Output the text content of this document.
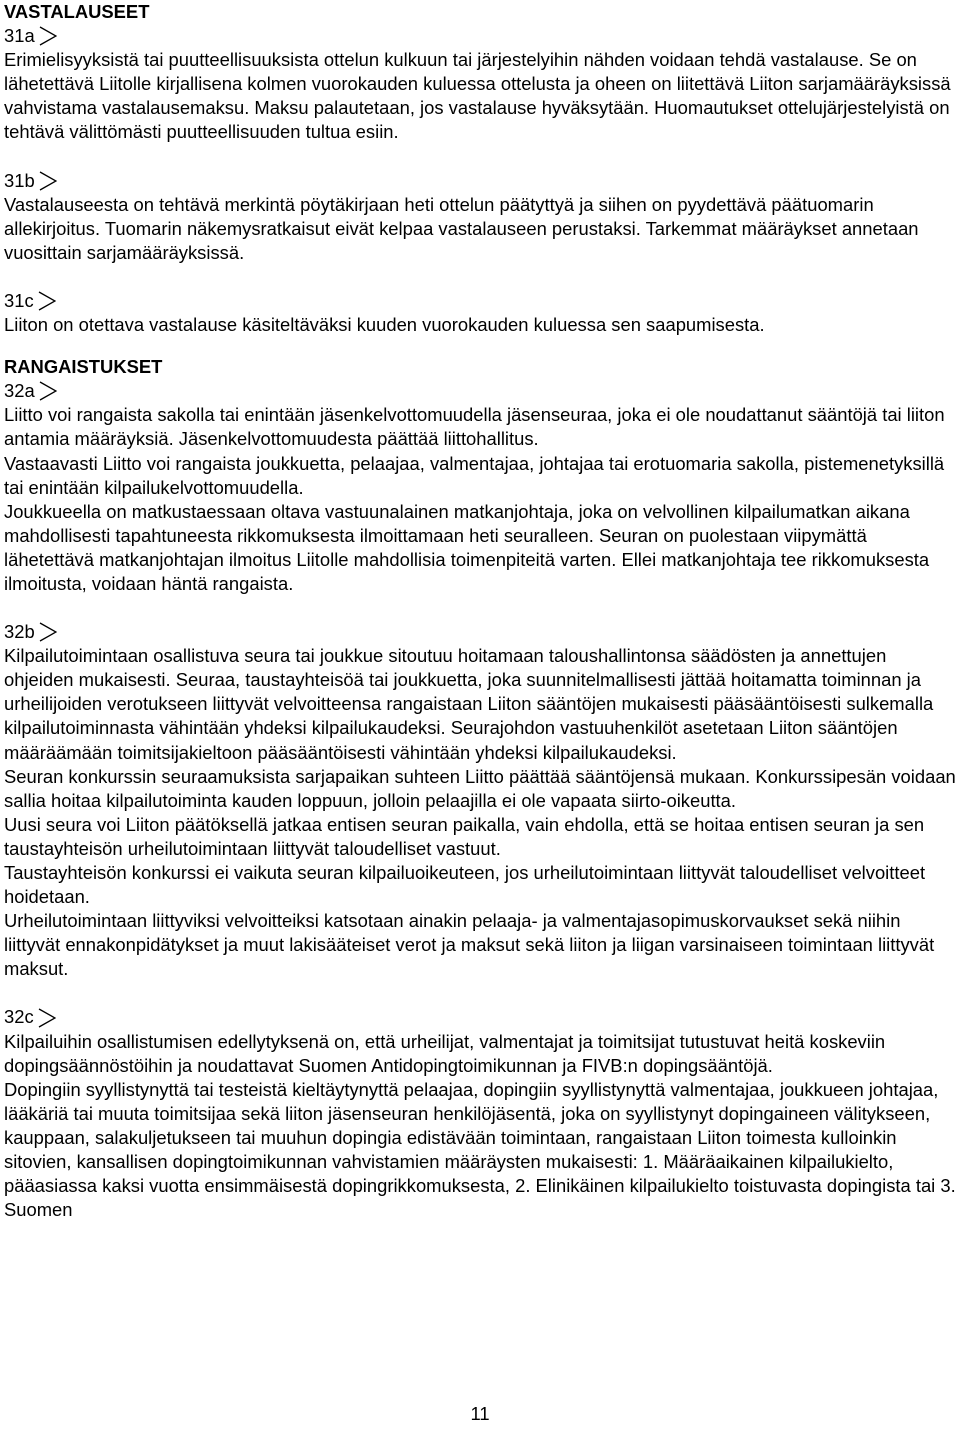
VASTALAUSEET

31a

Erimielisyyksistä tai puutteellisuuksista ottelun kulkuun tai järjestelyihin nähden voidaan tehdä vastalause. Se on lähetettävä Liitolle kirjallisena kolmen vuorokauden kuluessa ottelusta ja oheen on liitettävä Liiton sarjamääräyksissä vahvistama vastalausemaksu. Maksu palautetaan, jos vastalause hyväksytään. Huomautukset ottelujärjestelyistä on tehtävä välittömästi puutteellisuuden tultua esiin.

31b

Vastalauseesta on tehtävä merkintä pöytäkirjaan heti ottelun päätyttyä ja siihen on pyydettävä päätuomarin allekirjoitus. Tuomarin näkemysratkaisut eivät kelpaa vastalauseen perustaksi. Tarkemmat määräykset annetaan vuosittain sarjamääräyksissä.

31c

Liiton on otettava vastalause käsiteltäväksi kuuden vuorokauden kuluessa sen saapumisesta.

RANGAISTUKSET

32a

Liitto voi rangaista sakolla tai enintään jäsenkelvottomuudella jäsenseuraa, joka ei ole noudattanut sääntöjä tai liiton antamia määräyksiä. Jäsenkelvottomuudesta päättää liittohallitus.

Vastaavasti Liitto voi rangaista joukkuetta, pelaajaa, valmentajaa, johtajaa tai erotuomaria sakolla, pistemenetyksillä tai enintään kilpailukelvottomuudella.

Joukkueella on matkustaessaan oltava vastuunalainen matkanjohtaja, joka on velvollinen kilpailumatkan aikana mahdollisesti tapahtuneesta rikkomuksesta ilmoittamaan heti seuralleen. Seuran on puolestaan viipymättä lähetettävä matkanjohtajan ilmoitus Liitolle mahdollisia toimenpiteitä varten. Ellei matkanjohtaja tee rikkomuksesta ilmoitusta, voidaan häntä rangaista.

32b

Kilpailutoimintaan osallistuva seura tai joukkue sitoutuu hoitamaan taloushallintonsa säädösten ja annettujen ohjeiden mukaisesti. Seuraa, taustayhteisöä tai joukkuetta, joka suunnitelmallisesti jättää hoitamatta toiminnan ja urheilijoiden verotukseen liittyvät velvoitteensa rangaistaan Liiton sääntöjen mukaisesti pääsääntöisesti sulkemalla kilpailutoiminnasta vähintään yhdeksi kilpailukaudeksi. Seurajohdon vastuuhenkilöt asetetaan Liiton sääntöjen määräämään toimitsijakieltoon pääsääntöisesti vähintään yhdeksi kilpailukaudeksi.

Seuran konkurssin seuraamuksista sarjapaikan suhteen Liitto päättää sääntöjensä mukaan. Konkurssipesän voidaan sallia hoitaa kilpailutoiminta kauden loppuun, jolloin pelaajilla ei ole vapaata siirto-oikeutta.

Uusi seura voi Liiton päätöksellä jatkaa entisen seuran paikalla, vain ehdolla, että se hoitaa entisen seuran ja sen taustayhteisön urheilutoimintaan liittyvät taloudelliset vastuut.

Taustayhteisön konkurssi ei vaikuta seuran kilpailuoikeuteen, jos urheilutoimintaan liittyvät taloudelliset velvoitteet hoidetaan.

Urheilutoimintaan liittyviksi velvoitteiksi katsotaan ainakin pelaaja- ja valmentajasopimuskorvaukset sekä niihin liittyvät ennakonpidätykset ja muut lakisääteiset verot ja maksut sekä liiton ja liigan varsinaiseen toimintaan liittyvät maksut.

32c

Kilpailuihin osallistumisen edellytyksenä on, että urheilijat, valmentajat ja toimitsijat tutustuvat heitä koskeviin dopingsäännöstöihin ja noudattavat Suomen Antidopingtoimikunnan ja FIVB:n dopingsääntöjä.

Dopingiin syyllistynyttä tai testeistä kieltäytynyttä pelaajaa, dopingiin syyllistynyttä valmentajaa, joukkueen johtajaa, lääkäriä tai muuta toimitsijaa sekä liiton jäsenseuran henkilöjäsentä, joka on syyllistynyt dopingaineen välitykseen, kauppaan, salakuljetukseen tai muuhun dopingia edistävään toimintaan, rangaistaan Liiton toimesta kulloinkin sitovien, kansallisen dopingtoimikunnan vahvistamien määräysten mukaisesti: 1. Määräaikainen kilpailukielto, pääasiassa kaksi vuotta ensimmäisestä dopingrikkomuksesta, 2. Elinikäinen kilpailukielto toistuvasta dopingista tai 3. Suomen

11
